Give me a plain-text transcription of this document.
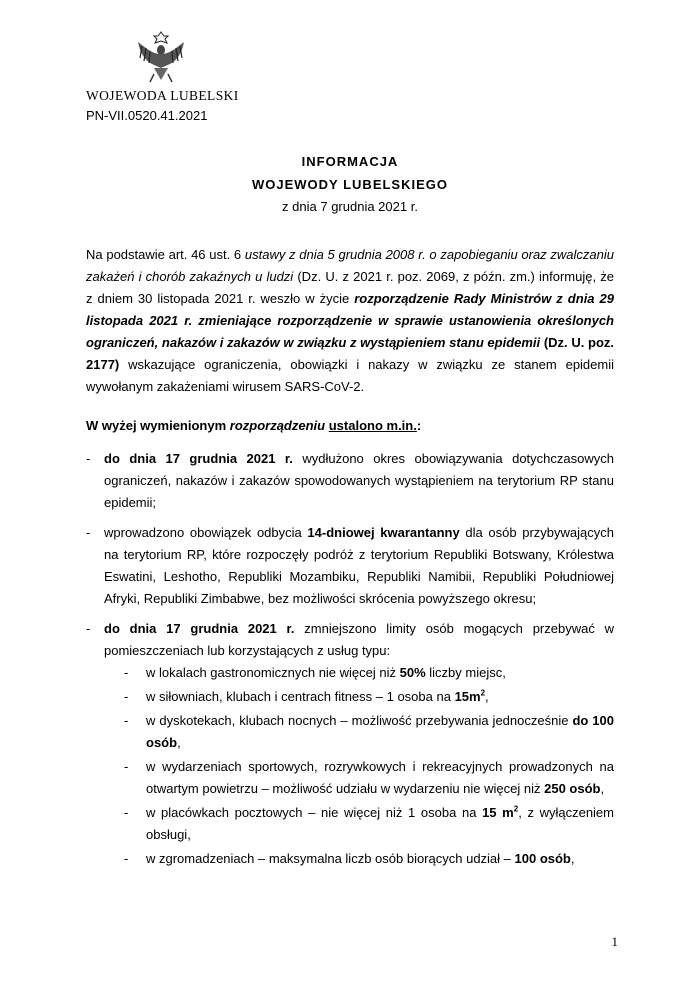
WOJEWODA LUBELSKI
PN-VII.0520.41.2021
INFORMACJA
WOJEWODY LUBELSKIEGO
z dnia 7 grudnia 2021 r.
Na podstawie art. 46 ust. 6 ustawy z dnia 5 grudnia 2008 r. o zapobieganiu oraz zwalczaniu zakażeń i chorób zakaźnych u ludzi (Dz. U. z 2021 r. poz. 2069, z późn. zm.) informuję, że z dniem 30 listopada 2021 r. weszło w życie rozporządzenie Rady Ministrów z dnia 29 listopada 2021 r. zmieniające rozporządzenie w sprawie ustanowienia określonych ograniczeń, nakazów i zakazów w związku z wystąpieniem stanu epidemii (Dz. U. poz. 2177) wskazujące ograniczenia, obowiązki i nakazy w związku ze stanem epidemii wywołanym zakażeniami wirusem SARS-CoV-2.
W wyżej wymienionym rozporządzeniu ustalono m.in.:
- do dnia 17 grudnia 2021 r. wydłużono okres obowiązywania dotychczasowych ograniczeń, nakazów i zakazów spowodowanych wystąpieniem na terytorium RP stanu epidemii;
- wprowadzono obowiązek odbycia 14-dniowej kwarantanny dla osób przybywających na terytorium RP, które rozpoczęły podróż z terytorium Republiki Botswany, Królestwa Eswatini, Leshotho, Republiki Mozambiku, Republiki Namibii, Republiki Południowej Afryki, Republiki Zimbabwe, bez możliwości skrócenia powyższego okresu;
- do dnia 17 grudnia 2021 r. zmniejszono limity osób mogących przebywać w pomieszczeniach lub korzystających z usług typu:
- w lokalach gastronomicznych nie więcej niż 50% liczby miejsc,
- w siłowniach, klubach i centrach fitness – 1 osoba na $15m^2$,
- w dyskotekach, klubach nocnych – możliwość przebywania jednocześnie do 100 osób,
- w wydarzeniach sportowych, rozrywkowych i rekreacyjnych prowadzonych na otwartym powietrzu – możliwość udziału w wydarzeniu nie więcej niż 250 osób,
- w placówkach pocztowych – nie więcej niż 1 osoba na 15 $m^2$, z wyłączeniem obsługi,
- w zgromadzeniach – maksymalna liczb osób biorących udział – 100 osób,
1
